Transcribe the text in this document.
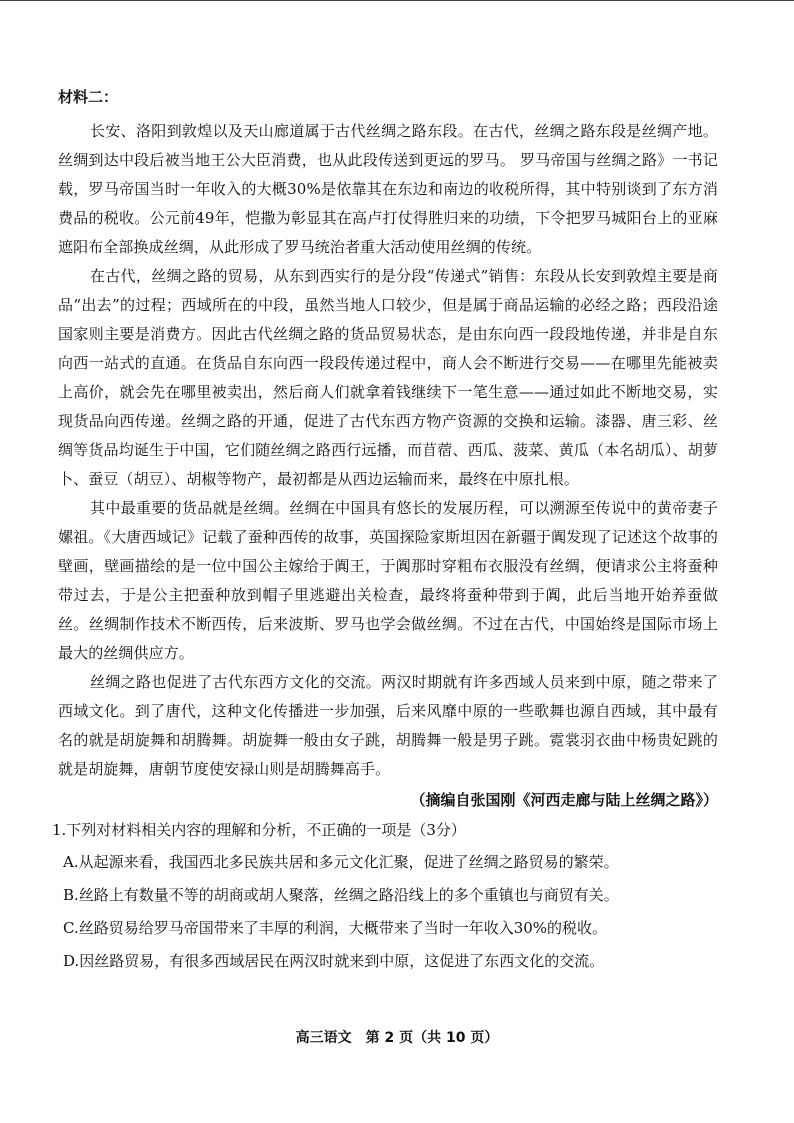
材料二：

长安、洛阳到敦煌以及天山廊道属于古代丝绸之路东段。在古代，丝绸之路东段是丝绸产地。丝绸到达中段后被当地王公大臣消费，也从此段传送到更远的罗马。 罗马帝国与丝绸之路》一书记载，罗马帝国当时一年收入的大概30%是依靠其在东边和南边的收税所得，其中特别谈到了东方消费品的税收。公元前49年，恺撒为彰显其在高卢打仗得胜归来的功绩，下令把罗马城阳台上的亚麻遮阳布全部换成丝绸，从此形成了罗马统治者重大活动使用丝绸的传统。

在古代，丝绸之路的贸易，从东到西实行的是分段“传递式”销售：东段从长安到敦煌主要是商品“出去”的过程；西域所在的中段，虽然当地人口较少，但是属于商品运输的必经之路；西段沿途国家则主要是消费方。因此古代丝绸之路的货品贸易状态，是由东向西一段段地传递，并非是自东向西一站式的直通。在货品自东向西一段段传递过程中，商人会不断进行交易——在哪里先能被卖上高价，就会先在哪里被卖出，然后商人们就拿着钱继续下一笔生意——通过如此不断地交易，实现货品向西传递。丝绸之路的开通，促进了古代东西方物产资源的交换和运输。漆器、唐三彩、丝绸等货品均诞生于中国，它们随丝绸之路西行远播，而苜蓿、西瓜、菠菜、黄瓜（本名胡瓜）、胡萝卜、蚕豆（胡豆）、胡椒等物产，最初都是从西边运输而来，最终在中原扎根。

其中最重要的货品就是丝绸。丝绸在中国具有悠长的发展历程，可以溯源至传说中的黄帝妻子嫘祖。《大唐西域记》记载了蚕种西传的故事，英国探险家斯坦因在新疆于阗发现了记述这个故事的壁画，壁画描绘的是一位中国公主嫁给于阗王，于阗那时穿粗布衣服没有丝绸，便请求公主将蚕种带过去，于是公主把蚕种放到帽子里逃避出关检查，最终将蚕种带到于阗，此后当地开始养蚕做丝。丝绸制作技术不断西传，后来波斯、罗马也学会做丝绸。不过在古代，中国始终是国际市场上最大的丝绸供应方。

丝绸之路也促进了古代东西方文化的交流。两汉时期就有许多西域人员来到中原，随之带来了西域文化。到了唐代，这种文化传播进一步加强，后来风靡中原的一些歌舞也源自西域，其中最有名的就是胡旋舞和胡腾舞。胡旋舞一般由女子跳，胡腾舞一般是男子跳。霓裳羽衣曲中杨贵妃跳的就是胡旋舞，唐朝节度使安禄山则是胡腾舞高手。

（摘编自张国刚《河西走廊与陆上丝绸之路》）
1.下列对材料相关内容的理解和分析，不正确的一项是（3分）
A.从起源来看，我国西北多民族共居和多元文化汇聚，促进了丝绸之路贸易的繁荣。
B.丝路上有数量不等的胡商或胡人聚落，丝绸之路沿线上的多个重镇也与商贸有关。
C.丝路贸易给罗马帝国带来了丰厚的利润，大概带来了当时一年收入30%的税收。
D.因丝路贸易，有很多西域居民在两汉时就来到中原，这促进了东西文化的交流。
高三语文　第 2 页（共 10 页）
